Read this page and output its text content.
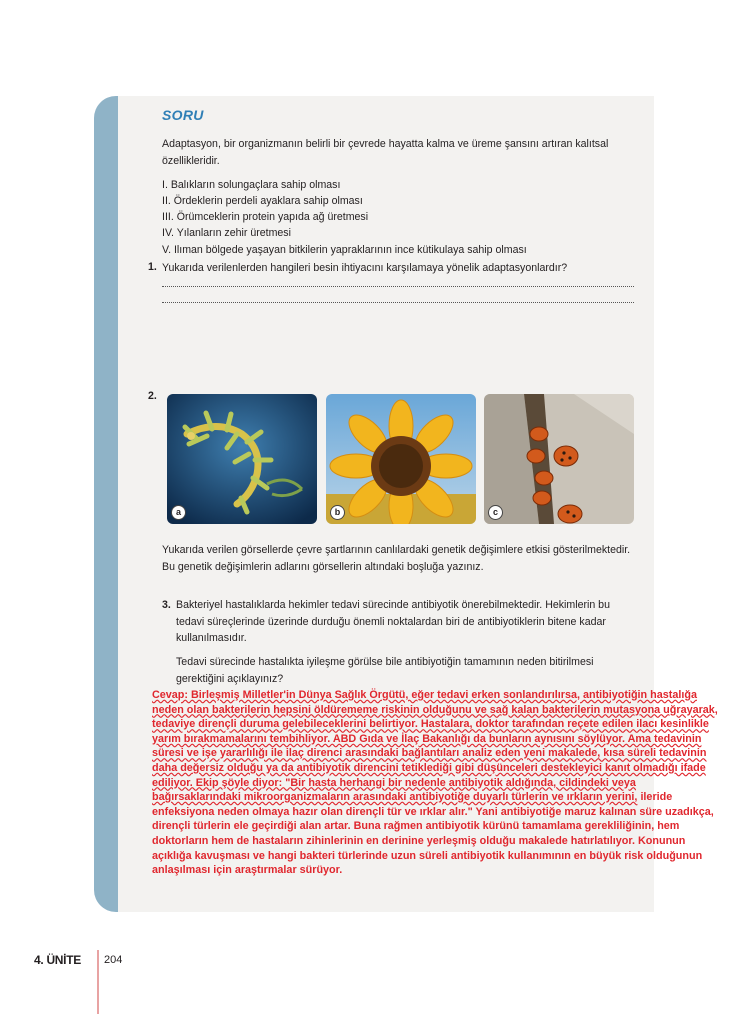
SORU
Adaptasyon, bir organizmanın belirli bir çevrede hayatta kalma ve üreme şansını artıran kalıtsal özellikleridir.
I. Balıkların solungaçlara sahip olması
II. Ördeklerin perdeli ayaklara sahip olması
III. Örümceklerin protein yapıda ağ üretmesi
IV. Yılanların zehir üretmesi
V. Ilıman bölgede yaşayan bitkilerin yapraklarının ince kütikulaya sahip olması
1. Yukarıda verilenlerden hangileri besin ihtiyacını karşılamaya yönelik adaptasyonlardır?
2.
a	b	c
Yukarıda verilen görsellerde çevre şartlarının canlılardaki genetik değişimlere etkisi gösterilmektedir. Bu genetik değişimlerin adlarını görsellerin altındaki boşluğa yazınız.
3. Bakteriyel hastalıklarda hekimler tedavi sürecinde antibiyotik önerebilmektedir. Hekimlerin bu tedavi süreçlerinde üzerinde durduğu önemli noktalardan biri de antibiyotiklerin bitene kadar kullanılmasıdır.
Tedavi sürecinde hastalıkta iyileşme görülse bile antibiyotiğin tamamının neden bitirilmesi gerektiğini açıklayınız?
Cevap: Birleşmiş Milletler'in Dünya Sağlık Örgütü, eğer tedavi erken sonlandırılırsa, antibiyotiğin hastalığa neden olan bakterilerin hepsini öldürememe riskinin olduğunu ve sağ kalan bakterilerin mutasyona uğrayarak, tedaviye dirençli duruma gelebileceklerini belirtiyor. Hastalara, doktor tarafından reçete edilen ilacı kesinlikle yarım bırakmamalarını tembihliyor. ABD Gıda ve İlaç Bakanlığı da bunların aynısını söylüyor. Ama tedavinin süresi ve işe yararlılığı ile ilaç direnci arasındaki bağlantıları analiz eden yeni makalede, kısa süreli tedavinin daha değersiz olduğu ya da antibiyotik direncini tetiklediği gibi düşünceleri destekleyici kanıt olmadığı ifade ediliyor. Ekip şöyle diyor: "Bir hasta herhangi bir nedenle antibiyotik aldığında, cildindeki veya bağırsaklarındaki mikroorganizmaların arasındaki antibiyotiğe duyarlı türlerin ve ırkların yerini, ileride enfeksiyona neden olmaya hazır olan dirençli tür ve ırklar alır." Yani antibiyotiğe maruz kalınan süre uzadıkça, dirençli türlerin ele geçirdiği alan artar. Buna rağmen antibiyotik kürünü tamamlama gerekliliğinin, hem doktorların hem de hastaların zihinlerinin en derinine yerleşmiş olduğu makalede hatırlatılıyor. Konunun açıklığa kavuşması ve hangi bakteri türlerinde uzun süreli antibiyotik kullanımının en büyük risk olduğunun anlaşılması için araştırmalar sürüyor.
4. ÜNİTE 204
